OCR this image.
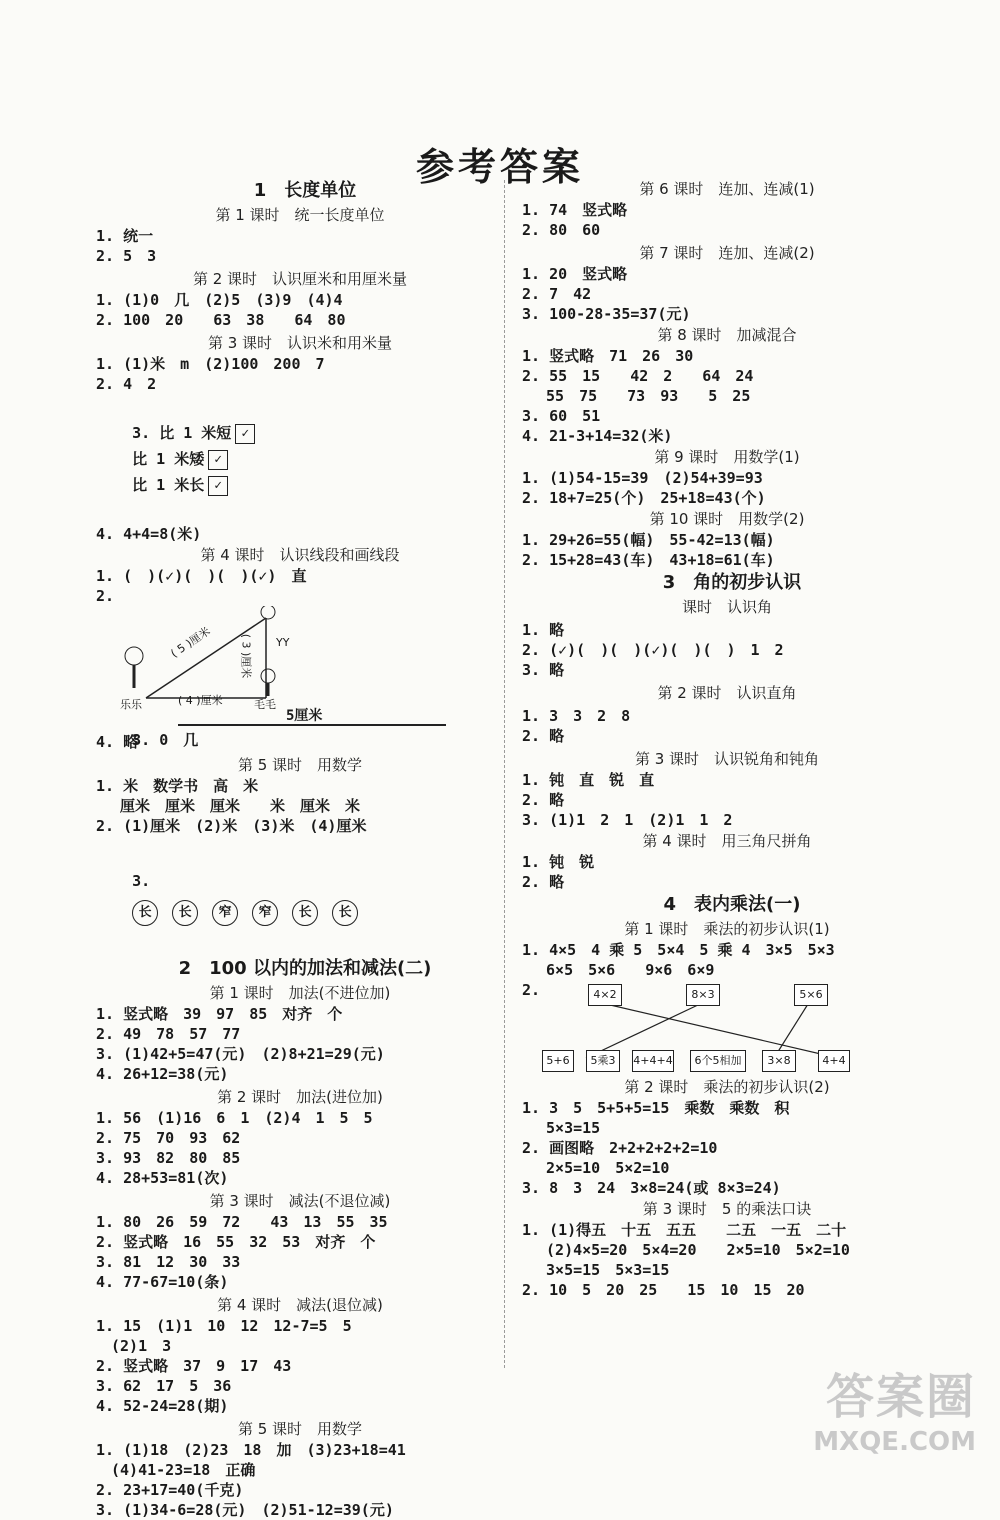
参考答案
1　长度单位
第 1 课时　统一长度单位
1. 统一
2. 5　3
第 2 课时　认识厘米和用厘米量
1. (1)0　几　(2)5　(3)9　(4)4
2. 100　20　　63　38　　64　80
第 3 课时　认识米和用米量
1. (1)米　m　(2)100　200　7
2. 4　2

3. 比 1 米短 ✓
比 1 米矮 ✓
比 1 米长 ✓

4. 4+4=8(米)
第 4 课时　认识线段和画线段
1. (　)(✓)(　)(　)(✓)　直
2.
( 5 )厘米 ( 3 )厘米
( 4 )厘米
乐乐	毛毛
YY

3. 0　几

5厘米

4. 略
第 5 课时　用数学
1. 米　数学书　高　米
　 厘米　厘米　厘米　　米　厘米　米
2. (1)厘米　(2)米　(3)米　(4)厘米

3.
长 长 窄 窄 长 长

2　100 以内的加法和减法(二)
第 1 课时　加法(不进位加)
1. 竖式略　39　97　85　对齐　个
2. 49　78　57　77
3. (1)42+5=47(元)　(2)8+21=29(元)
4. 26+12=38(元)
第 2 课时　加法(进位加)
1. 56　(1)16　6　1　(2)4　1　5　5
2. 75　70　93　62
3. 93　82　80　85
4. 28+53=81(次)
第 3 课时　减法(不退位减)
1. 80　26　59　72　　43　13　55　35
2. 竖式略　16　55　32　53　对齐　个
3. 81　12　30　33
4. 77-67=10(条)
第 4 课时　减法(退位减)
1. 15　(1)1　10　12　12-7=5　5
　(2)1　3
2. 竖式略　37　9　17　43
3. 62　17　5　36
4. 52-24=28(期)
第 5 课时　用数学
1. (1)18　(2)23　18　加　(3)23+18=41
　(4)41-23=18　正确
2. 23+17=40(千克)
3. (1)34-6=28(元)　(2)51-12=39(元)
第 6 课时　连加、连减(1)
1. 74　竖式略
2. 80　60
第 7 课时　连加、连减(2)
1. 20　竖式略
2. 7　42
3. 100-28-35=37(元)
第 8 课时　加减混合
1. 竖式略　71　26　30
2. 55　15　　42　2　　64　24
　 55　75　　73　93　　5　25
3. 60　51
4. 21-3+14=32(米)
第 9 课时　用数学(1)
1. (1)54-15=39　(2)54+39=93
2. 18+7=25(个)　25+18=43(个)
第 10 课时　用数学(2)
1. 29+26=55(幅)　55-42=13(幅)
2. 15+28=43(车)　43+18=61(车)
3　角的初步认识
课时　认识角
1. 略
2. (✓)(　)(　)(✓)(　)(　)　1　2
3. 略
第 2 课时　认识直角
1. 3　3　2　8
2. 略
第 3 课时　认识锐角和钝角
1. 钝　直　锐　直
2. 略
3. (1)1　2　1　(2)1　1　2
第 4 课时　用三角尺拼角
1. 钝　锐
2. 略
4　表内乘法(一)
第 1 课时　乘法的初步认识(1)
1. 4×5　4 乘 5　5×4　5 乘 4　3×5　5×3
　 6×5　5×6　　9×6　6×9
2.	4×2	8×3	5×6
5+6	5乘3	4+4+4	6个5相加	3×8	4+4
第 2 课时　乘法的初步认识(2)
1. 3　5　5+5+5=15　乘数　乘数　积
　 5×3=15
2. 画图略　2+2+2+2+2=10
　 2×5=10　5×2=10
3. 8　3　24　3×8=24(或 8×3=24)
第 3 课时　5 的乘法口诀
1. (1)得五　十五　五五　　二五　一五　二十
　 (2)4×5=20　5×4=20　　2×5=10　5×2=10
　 3×5=15　5×3=15
2. 10　5　20　25　　15　10　15　20
答案圈
MXQE.COM
